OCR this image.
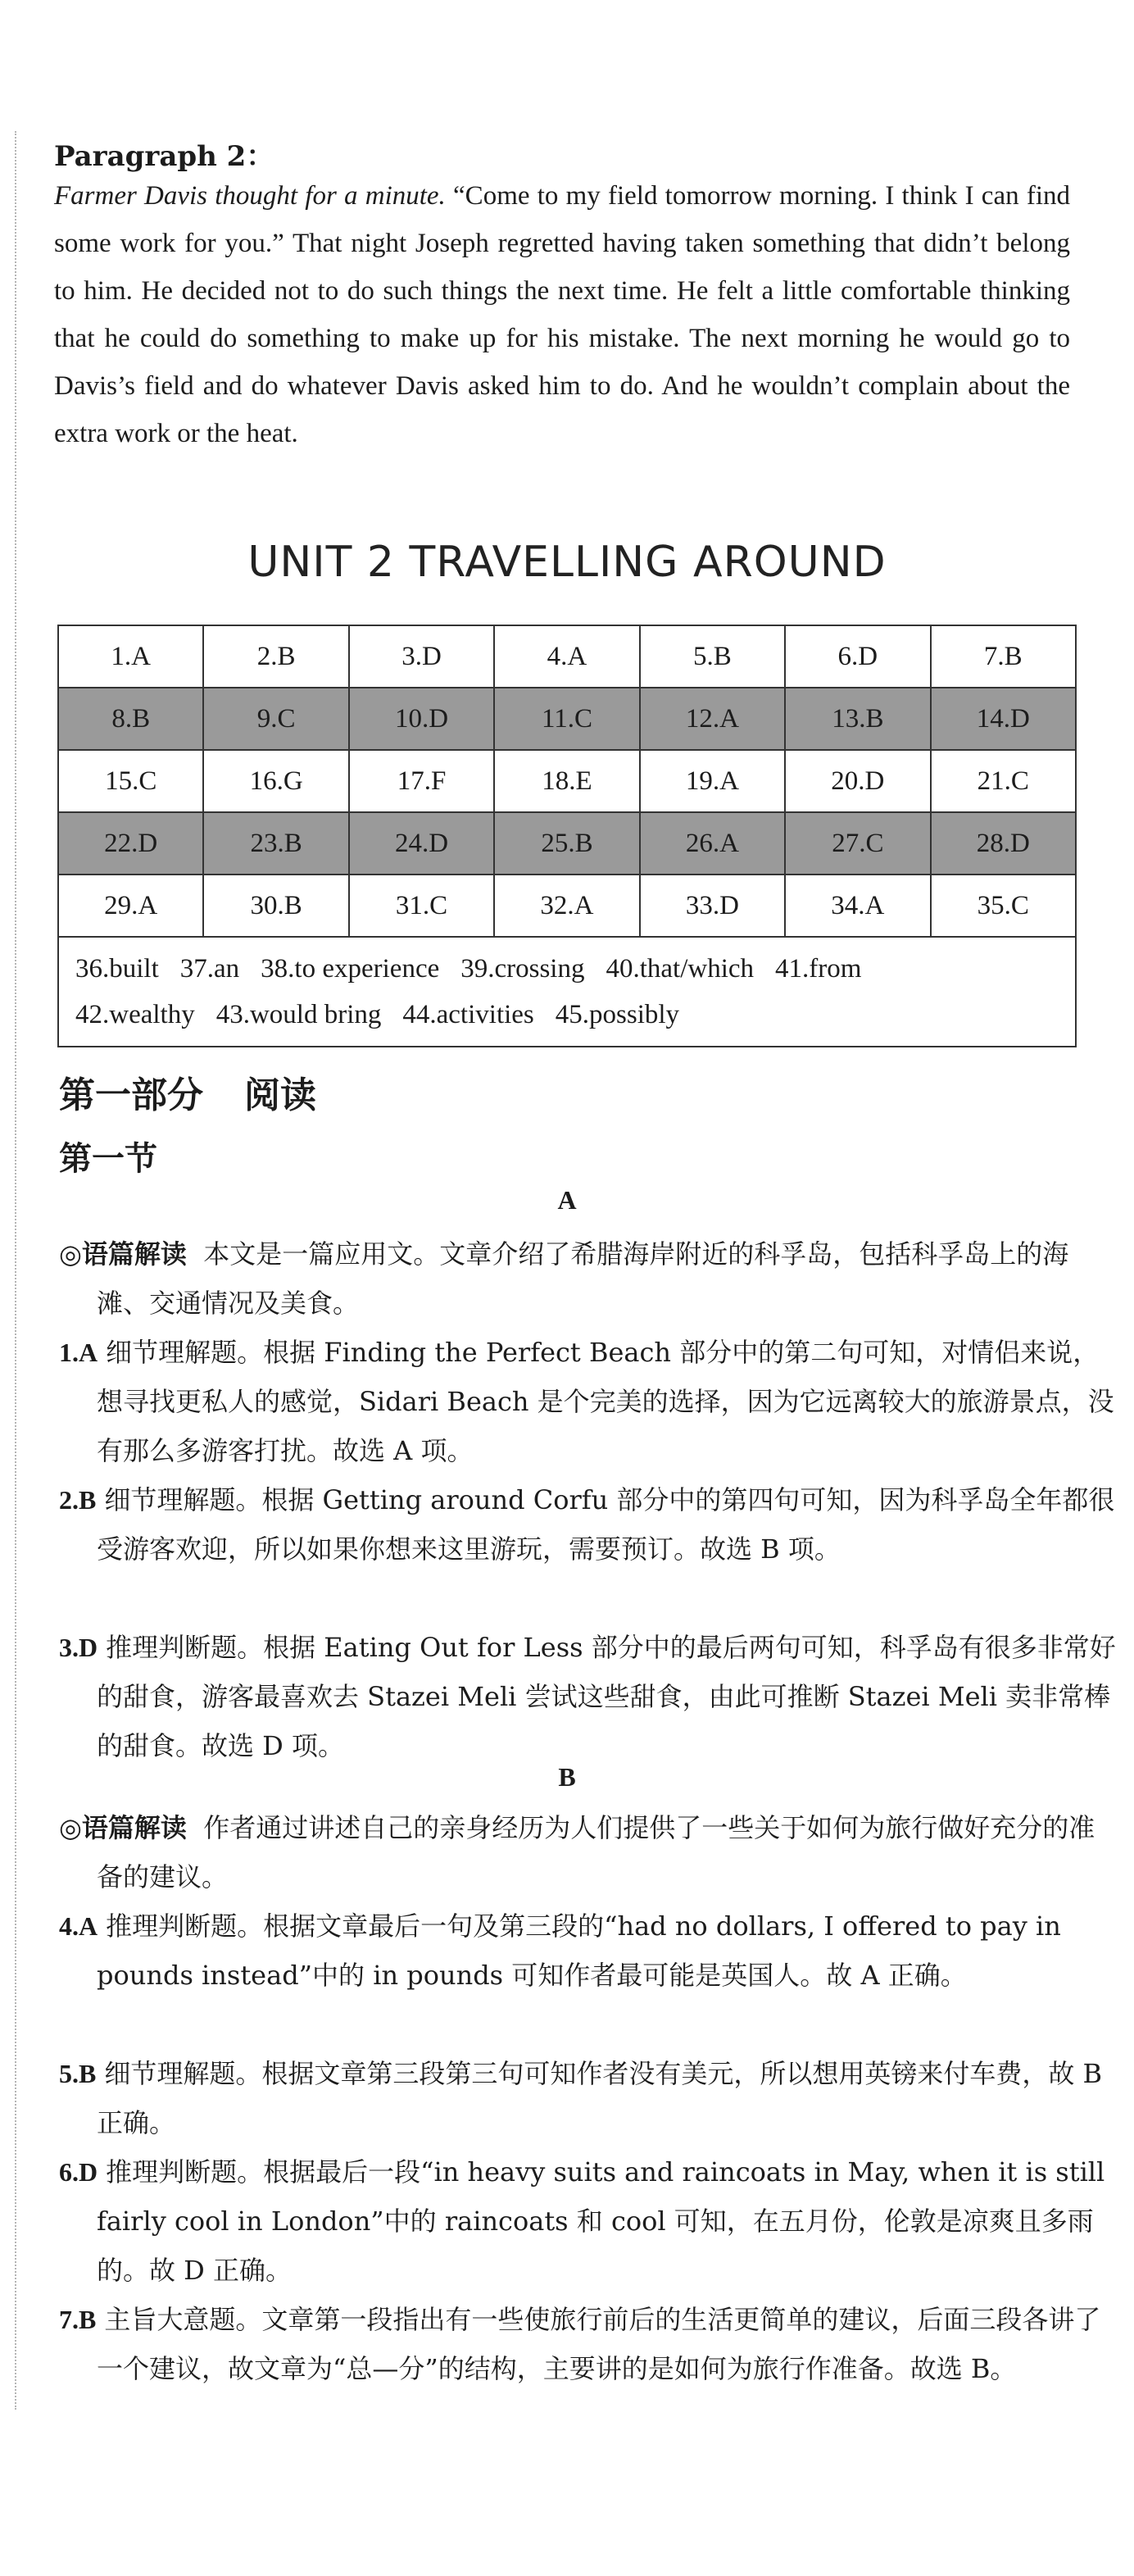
Paragraph 2：
Farmer Davis thought for a minute. “Come to my field tomorrow morning. I think I can find some work for you.” That night Joseph regretted having taken something that didn’t belong to him. He decided not to do such things the next time. He felt a little comfortable thinking that he could do something to make up for his mistake. The next morning he would go to Davis’s field and do whatever Davis asked him to do. And he wouldn’t complain about the extra work or the heat.
UNIT 2 TRAVELLING AROUND
1.A	2.B	3.D	4.A	5.B	6.D	7.B
8.B	9.C	10.D	11.C	12.A	13.B	14.D
15.C	16.G	17.F	18.E	19.A	20.D	21.C
22.D	23.B	24.D	25.B	26.A	27.C	28.D
29.A	30.B	31.C	32.A	33.D	34.A	35.C
36.built 37.an 38.to experience 39.crossing 40.that/which 41.from
42.wealthy 43.would bring 44.activities 45.possibly						
第一部分 阅读
第一节
A
◎语篇解读 本文是一篇应用文。文章介绍了希腊海岸附近的科孚岛，包括科孚岛上的海滩、交通情况及美食。
1.A 细节理解题。根据 Finding the Perfect Beach 部分中的第二句可知，对情侣来说，想寻找更私人的感觉，Sidari Beach 是个完美的选择，因为它远离较大的旅游景点，没有那么多游客打扰。故选 A 项。
2.B 细节理解题。根据 Getting around Corfu 部分中的第四句可知，因为科孚岛全年都很受游客欢迎，所以如果你想来这里游玩，需要预订。故选 B 项。
3.D 推理判断题。根据 Eating Out for Less 部分中的最后两句可知，科孚岛有很多非常好的甜食，游客最喜欢去 Stazei Meli 尝试这些甜食，由此可推断 Stazei Meli 卖非常棒的甜食。故选 D 项。
B
◎语篇解读 作者通过讲述自己的亲身经历为人们提供了一些关于如何为旅行做好充分的准备的建议。
4.A 推理判断题。根据文章最后一句及第三段的“had no dollars, I offered to pay in pounds instead”中的 in pounds 可知作者最可能是英国人。故 A 正确。
5.B 细节理解题。根据文章第三段第三句可知作者没有美元，所以想用英镑来付车费，故 B 正确。
6.D 推理判断题。根据最后一段“in heavy suits and raincoats in May, when it is still fairly cool in London”中的 raincoats 和 cool 可知，在五月份，伦敦是凉爽且多雨的。故 D 正确。
7.B 主旨大意题。文章第一段指出有一些使旅行前后的生活更简单的建议，后面三段各讲了一个建议，故文章为“总—分”的结构，主要讲的是如何为旅行作准备。故选 B。
